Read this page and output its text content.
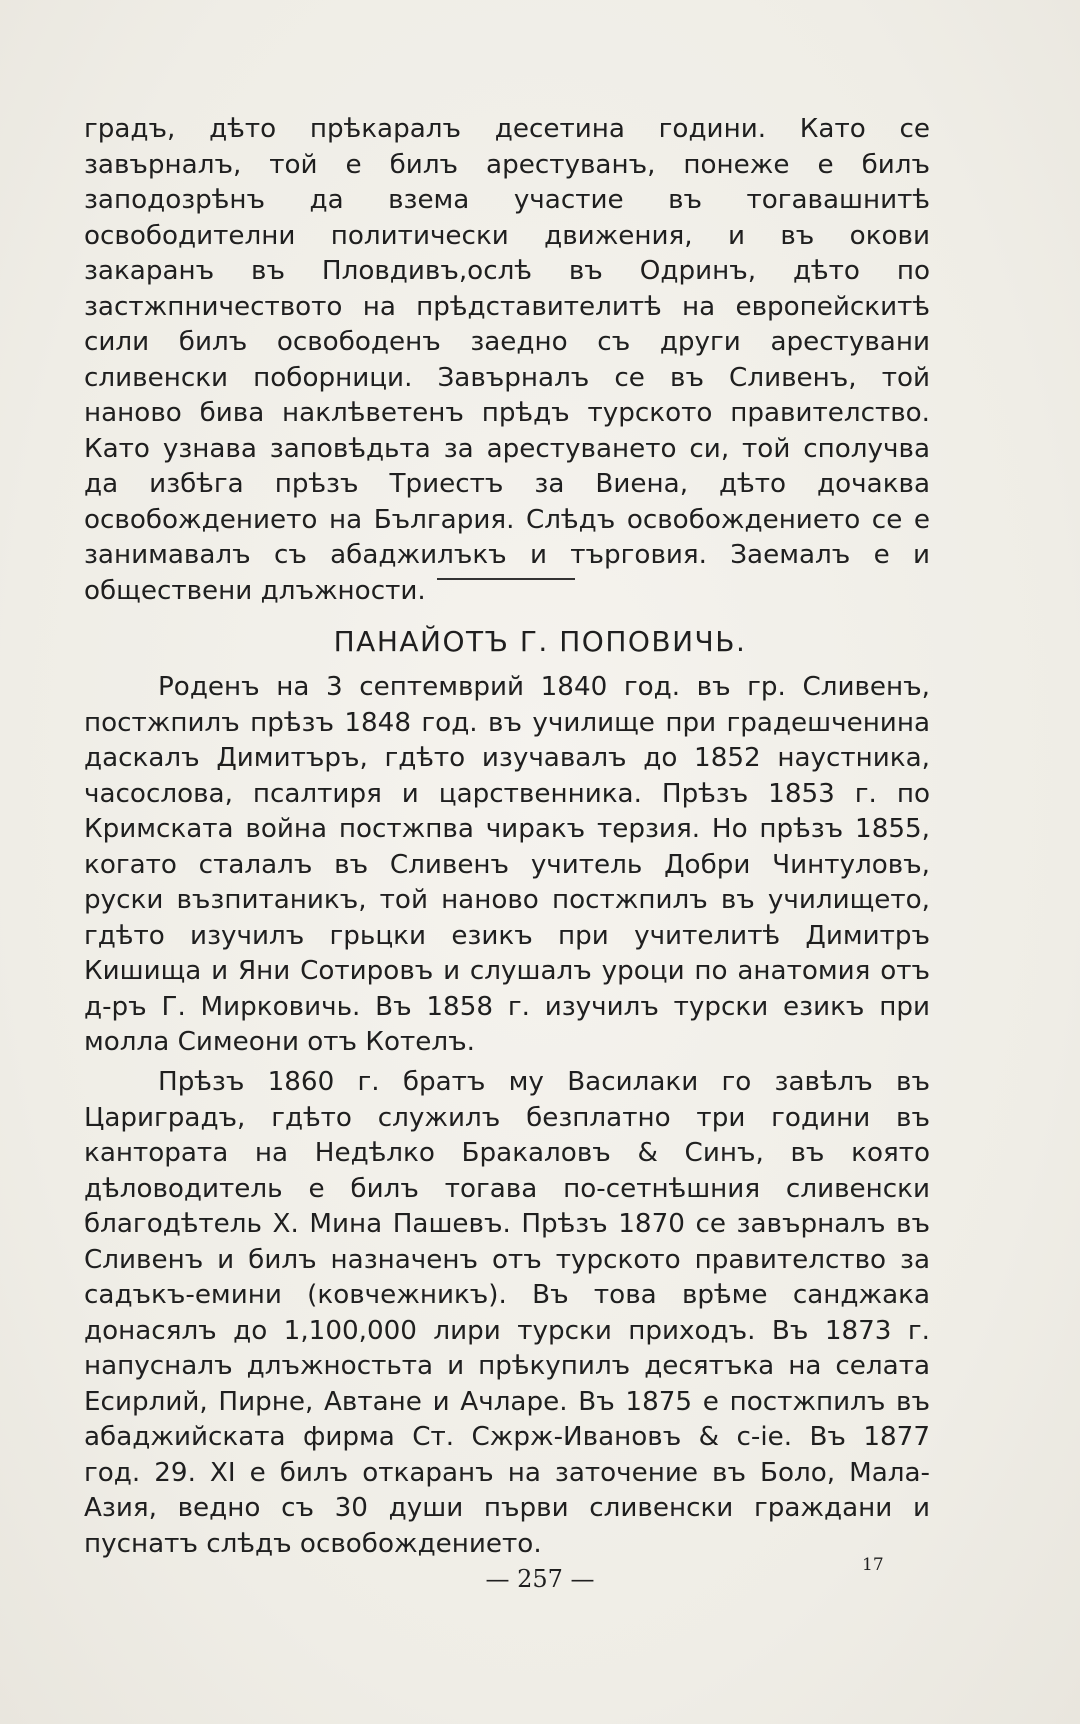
градъ, дѣто прѣкаралъ десетина години. Като се завърналъ, той е билъ арестуванъ, понеже е билъ заподозрѣнъ да взема участие въ тогавашнитѣ освободителни политически движения, и въ окови закаранъ въ Пловдивъ,ослѣ въ Одринъ, дѣто по застжпничеството на прѣдставителитѣ на европейскитѣ сили билъ освободенъ заедно съ други арестувани сливенски поборници. Завърналъ се въ Сливенъ, той наново бива наклѣветенъ прѣдъ турското правителство. Като узнава заповѣдьта за арестуването си, той сполучва да избѣга прѣзъ Триестъ за Виена, дѣто дочаква освобождението на България. Слѣдъ освобождението се е занимавалъ съ абаджилъкъ и търговия. Заемалъ е и обществени длъжности.

ПАНАЙОТЪ Г. ПОПОВИЧЬ.

Роденъ на 3 септемврий 1840 год. въ гр. Сливенъ, постжпилъ прѣзъ 1848 год. въ училище при градешченина даскалъ Димитъръ, гдѣто изучавалъ до 1852 наустника, часослова, псалтиря и царственника. Прѣзъ 1853 г. по Кримската война постжпва чиракъ терзия. Но прѣзъ 1855, когато сталалъ въ Сливенъ учитель Добри Чинтуловъ, руски възпитаникъ, той наново постжпилъ въ училището, гдѣто изучилъ грьцки езикъ при учителитѣ Димитръ Кишища и Яни Сотировъ и слушалъ уроци по анатомия отъ д-ръ Г. Мирковичь. Въ 1858 г. изучилъ турски езикъ при молла Симеони отъ Котелъ.

Прѣзъ 1860 г. братъ му Василаки го завѣлъ въ Цариградъ, гдѣто служилъ безплатно три години въ кантората на Недѣлко Бракаловъ & Синъ, въ която дѣловодитель е билъ тогава по-сетнѣшния сливенски благодѣтель Х. Мина Пашевъ. Прѣзъ 1870 се завърналъ въ Сливенъ и билъ назначенъ отъ турското правителство за садъкъ-емини (ковчежникъ). Въ това врѣме санджака донасялъ до 1,100,000 лири турски приходъ. Въ 1873 г. напусналъ длъжностьта и прѣкупилъ десятъка на селата Есирлий, Пирне, Автане и Ачларе. Въ 1875 е постжпилъ въ абаджийската фирма Ст. Сжрж-Ивановъ & с-iе. Въ 1877 год. 29. XI е билъ откаранъ на заточение въ Боло, Мала-Азия, ведно съ 30 души първи сливенски граждани и пуснатъ слѣдъ освобождението.

— 257 —	17
